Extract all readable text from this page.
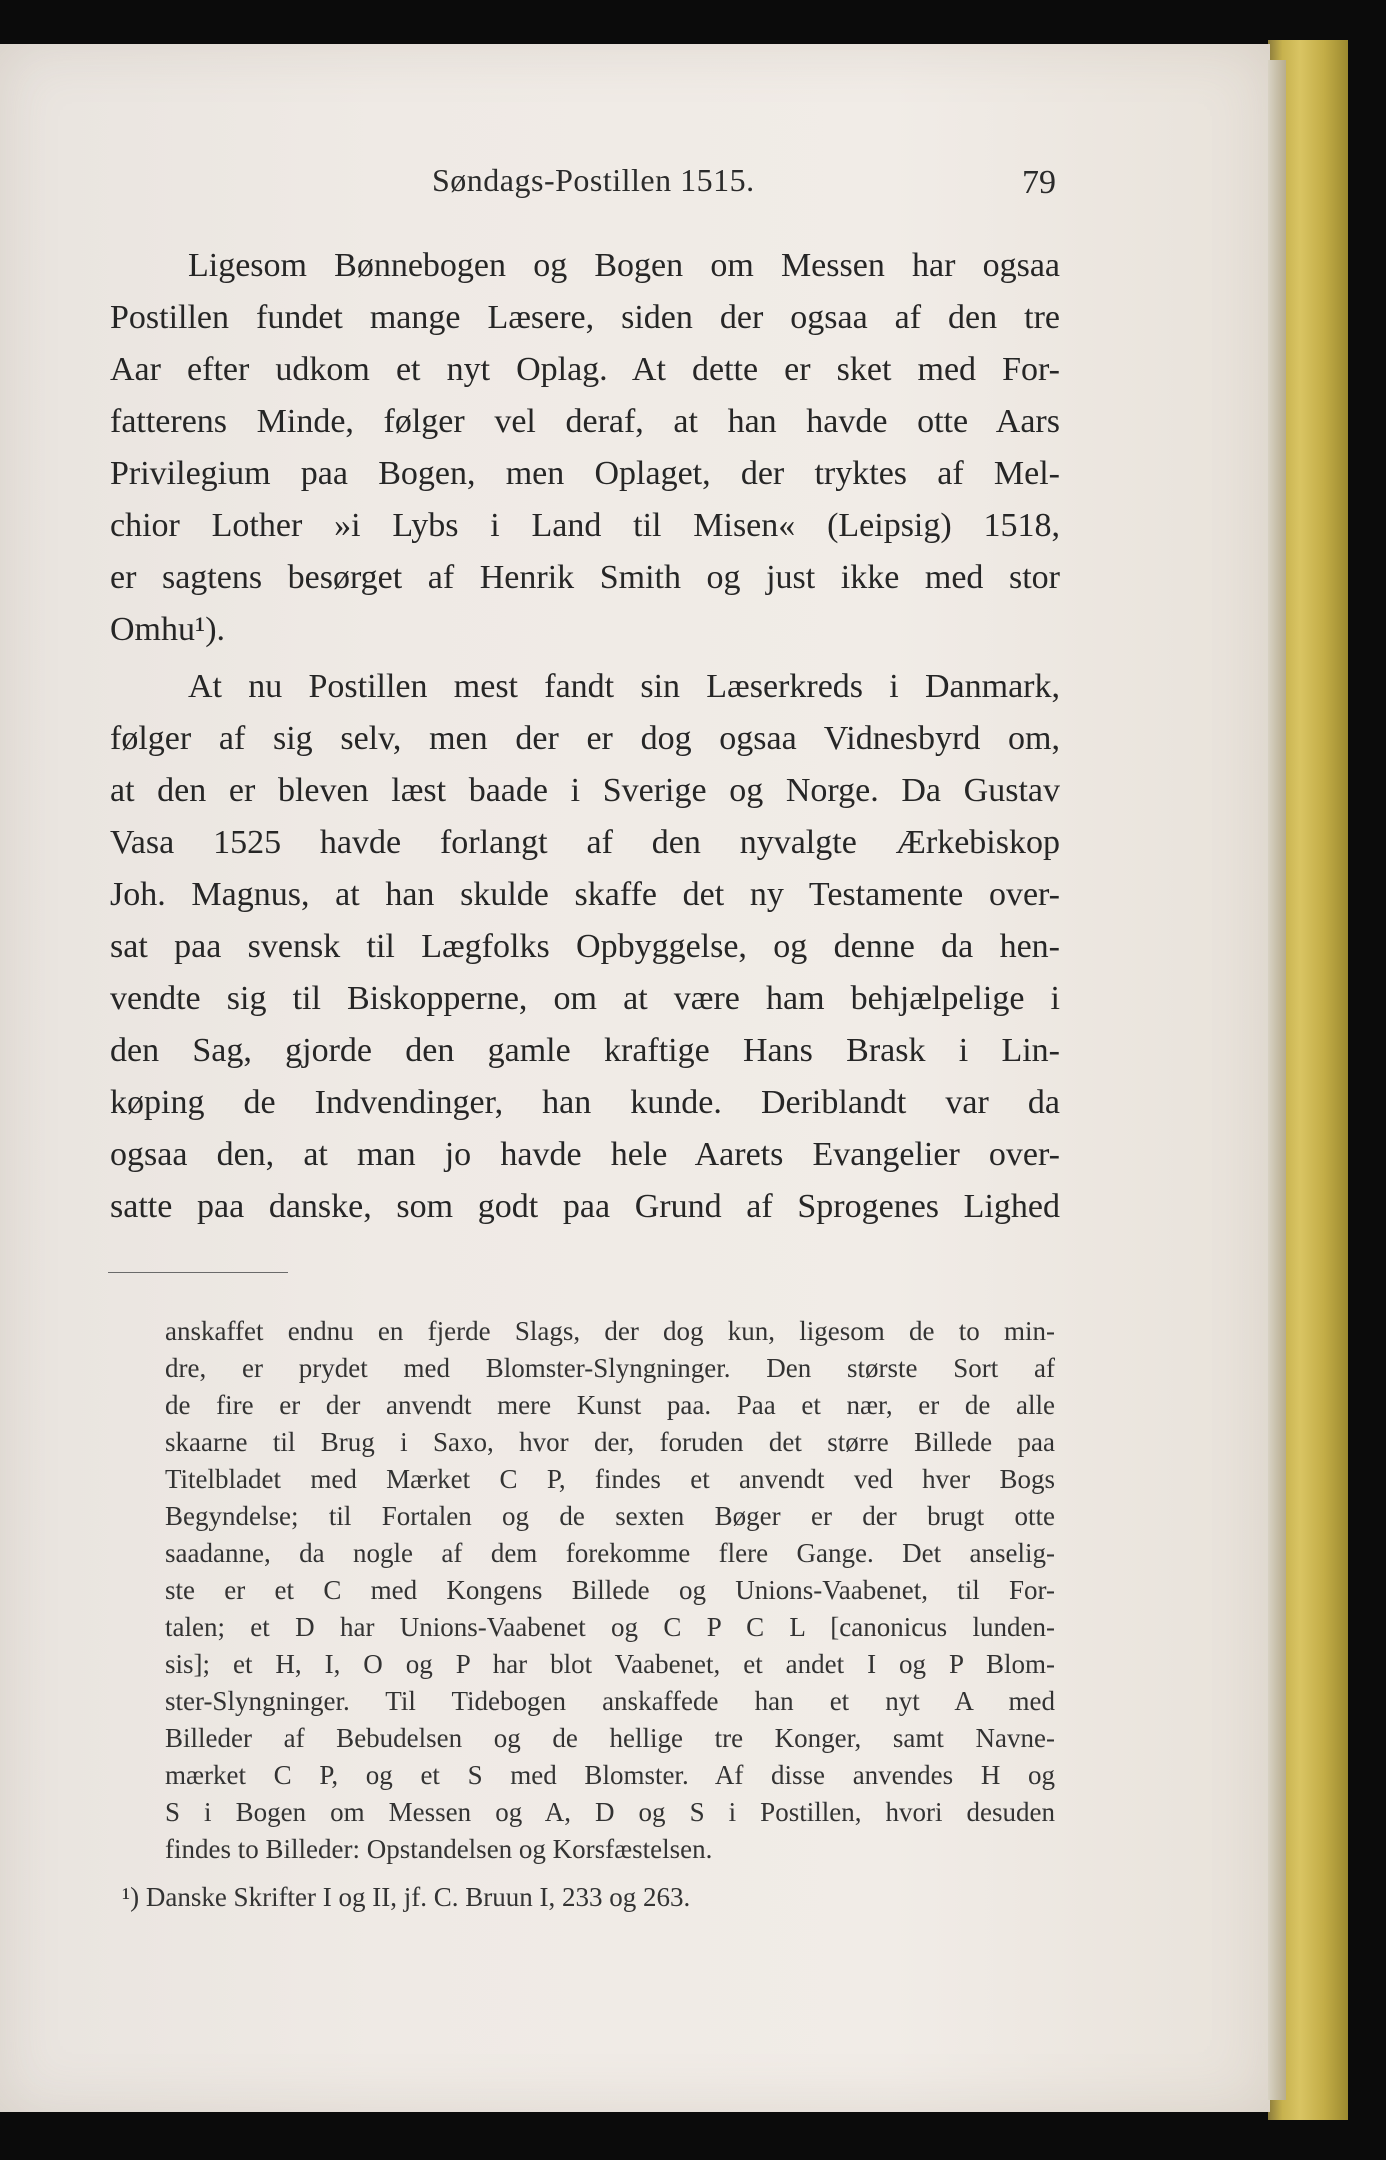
Søndags-Postillen 1515.	79
Ligesom Bønnebogen og Bogen om Messen har ogsaa
Postillen fundet mange Læsere, siden der ogsaa af den tre
Aar efter udkom et nyt Oplag. At dette er sket med For-
fatterens Minde, følger vel deraf, at han havde otte Aars
Privilegium paa Bogen, men Oplaget, der tryktes af Mel-
chior Lother »i Lybs i Land til Misen« (Leipsig) 1518,
er sagtens besørget af Henrik Smith og just ikke med stor
Omhu¹).
At nu Postillen mest fandt sin Læserkreds i Danmark,
følger af sig selv, men der er dog ogsaa Vidnesbyrd om,
at den er bleven læst baade i Sverige og Norge. Da Gustav
Vasa 1525 havde forlangt af den nyvalgte Ærkebiskop
Joh. Magnus, at han skulde skaffe det ny Testamente over-
sat paa svensk til Lægfolks Opbyggelse, og denne da hen-
vendte sig til Biskopperne, om at være ham behjælpelige i
den Sag, gjorde den gamle kraftige Hans Brask i Lin-
køping de Indvendinger, han kunde. Deriblandt var da
ogsaa den, at man jo havde hele Aarets Evangelier over-
satte paa danske, som godt paa Grund af Sprogenes Lighed
anskaffet endnu en fjerde Slags, der dog kun, ligesom de to min-
dre, er prydet med Blomster-Slyngninger. Den største Sort af
de fire er der anvendt mere Kunst paa. Paa et nær, er de alle
skaarne til Brug i Saxo, hvor der, foruden det større Billede paa
Titelbladet med Mærket C P, findes et anvendt ved hver Bogs
Begyndelse; til Fortalen og de sexten Bøger er der brugt otte
saadanne, da nogle af dem forekomme flere Gange. Det anselig-
ste er et C med Kongens Billede og Unions-Vaabenet, til For-
talen; et D har Unions-Vaabenet og C P C L [canonicus lunden-
sis]; et H, I, O og P har blot Vaabenet, et andet I og P Blom-
ster-Slyngninger. Til Tidebogen anskaffede han et nyt A med
Billeder af Bebudelsen og de hellige tre Konger, samt Navne-
mærket C P, og et S med Blomster. Af disse anvendes H og
S i Bogen om Messen og A, D og S i Postillen, hvori desuden
findes to Billeder: Opstandelsen og Korsfæstelsen.
¹) Danske Skrifter I og II, jf. C. Bruun I, 233 og 263.
